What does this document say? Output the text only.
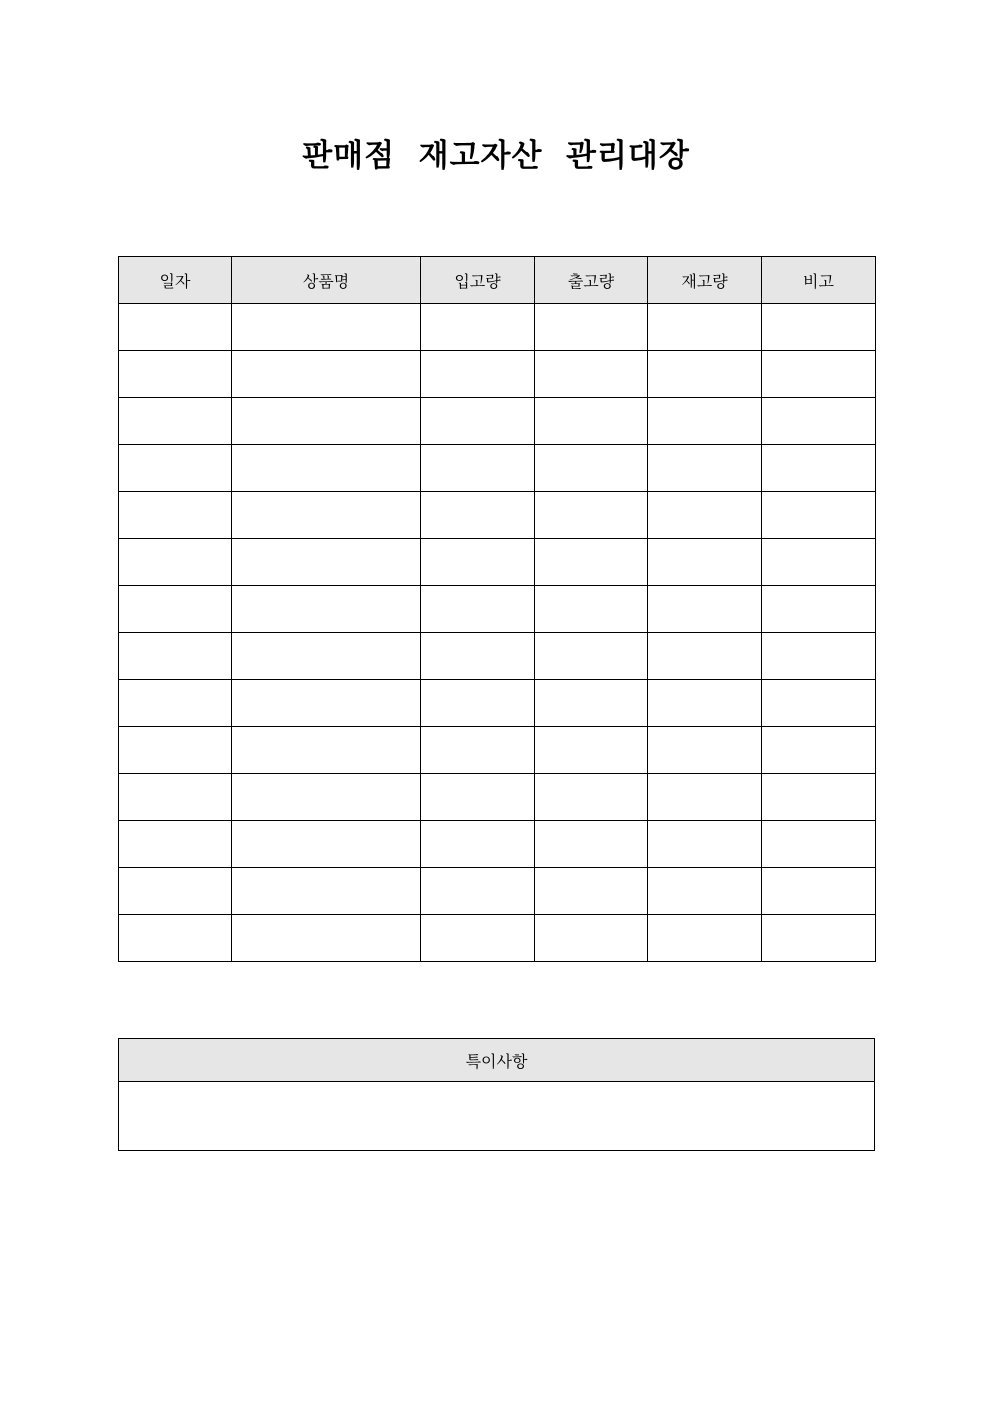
판매점  재고자산  관리대장
일자	상품명	입고량	출고량	재고량	비고

특이사항
